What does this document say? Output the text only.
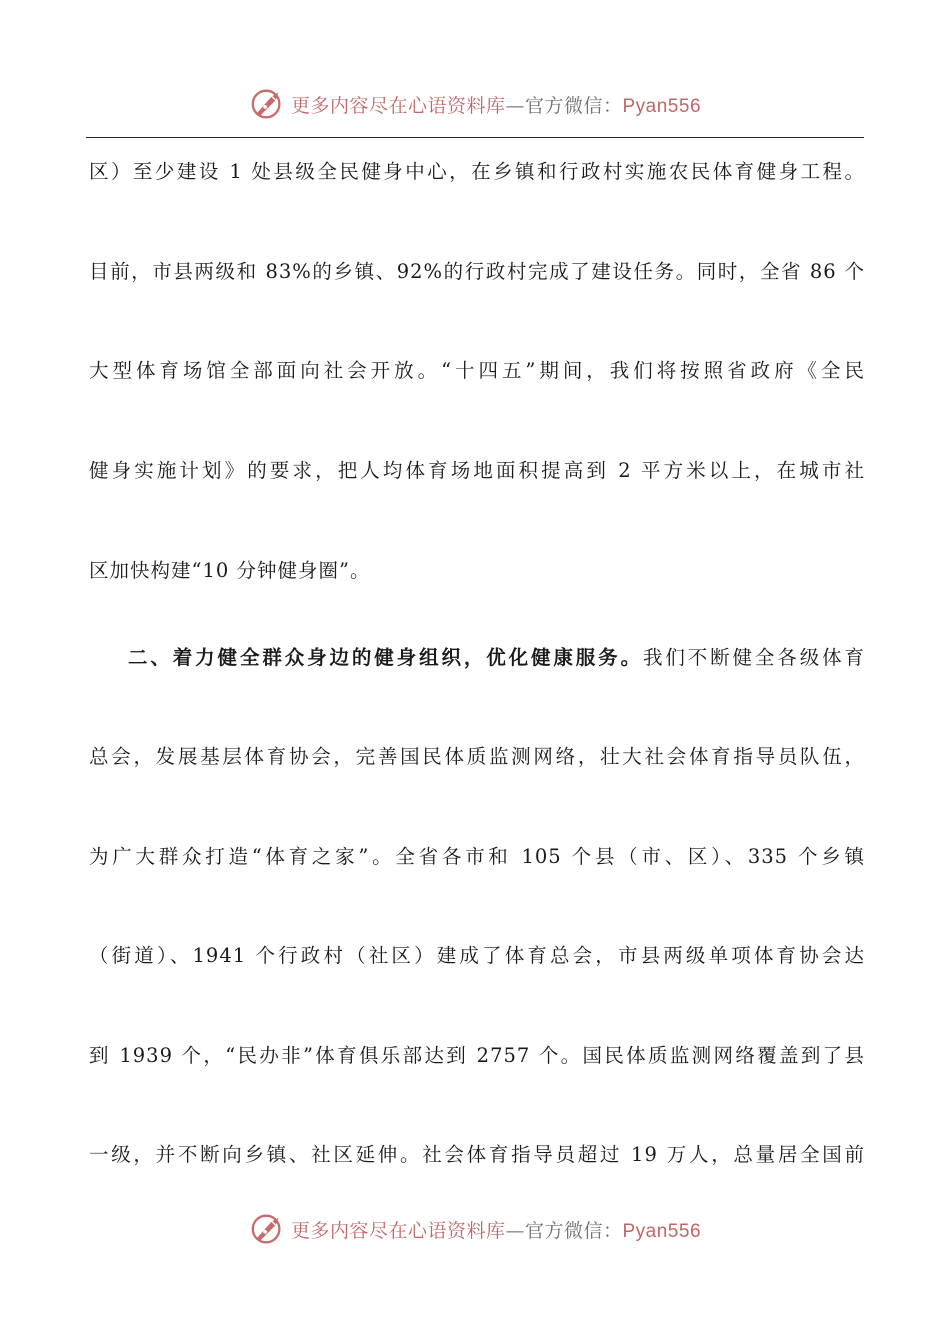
更多内容尽在心语资料库—官方微信：Pyan556
区）至少建设 1 处县级全民健身中心，在乡镇和行政村实施农民体育健身工程。
目前，市县两级和 83%的乡镇、92%的行政村完成了建设任务。同时，全省 86 个
大型体育场馆全部面向社会开放。“十四五”期间，我们将按照省政府《全民
健身实施计划》的要求，把人均体育场地面积提高到 2 平方米以上，在城市社
区加快构建“10 分钟健身圈”。
二、着力健全群众身边的健身组织，优化健康服务。我们不断健全各级体育
总会，发展基层体育协会，完善国民体质监测网络，壮大社会体育指导员队伍，
为广大群众打造“体育之家”。全省各市和 105 个县（市、区）、335 个乡镇
（街道）、1941 个行政村（社区）建成了体育总会，市县两级单项体育协会达
到 1939 个，“民办非”体育俱乐部达到 2757 个。国民体质监测网络覆盖到了县
一级，并不断向乡镇、社区延伸。社会体育指导员超过 19 万人，总量居全国前
更多内容尽在心语资料库—官方微信：Pyan556
